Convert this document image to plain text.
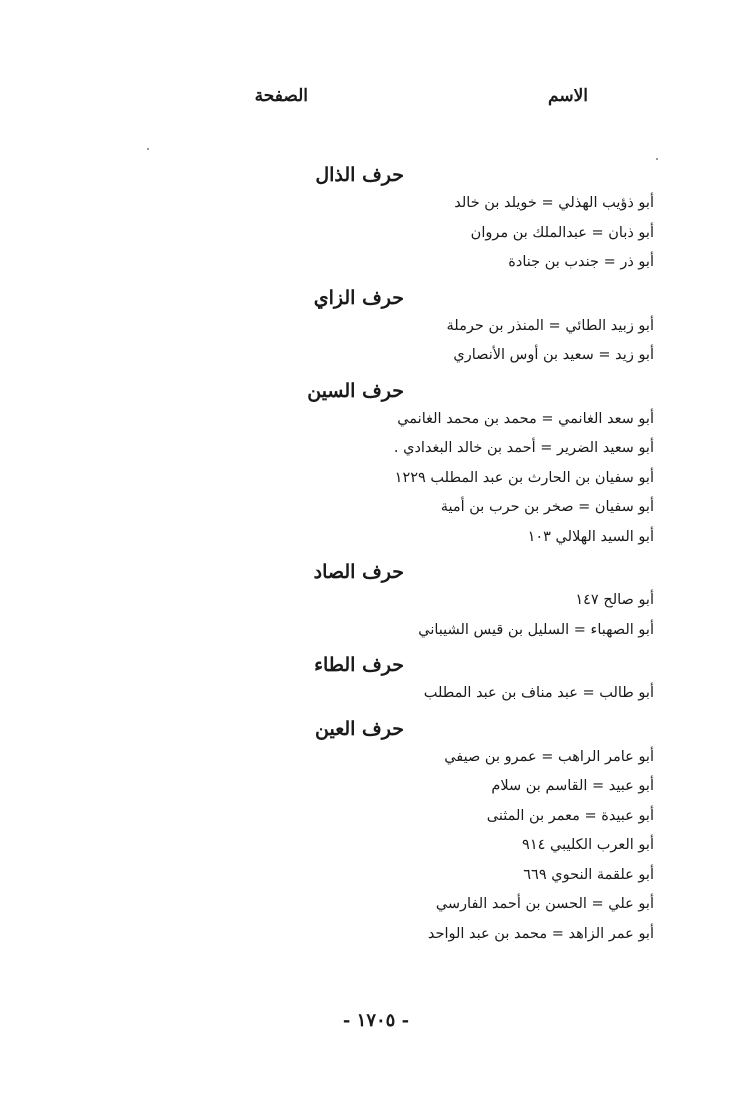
الاسم
الصفحة
حرف الذال
أبو ذؤيب الهذلي = خويلد بن خالد
أبو ذبان = عبدالملك بن مروان
أبو ذر = جندب بن جنادة
حرف الزاي
أبو زبيد الطائي = المنذر بن حرملة
أبو زيد = سعيد بن أوس الأنصاري
حرف السين
أبو سعد الغانمي = محمد بن محمد الغانمي
أبو سعيد الضرير = أحمد بن خالد البغدادي .
أبو سفيان بن الحارث بن عبد المطلب ١٢٢٩
أبو سفيان = صخر بن حرب بن أمية
أبو السيد الهلالي ١٠٣
حرف الصاد
أبو صالح ١٤٧
أبو الصهباء = السليل بن قيس الشيباني
حرف الطاء
أبو طالب = عبد مناف بن عبد المطلب
حرف العين
أبو عامر الراهب = عمرو بن صيفي
أبو عبيد = القاسم بن سلام
أبو عبيدة = معمر بن المثنى
أبو العرب الكليبي ٩١٤
أبو علقمة النحوي ٦٦٩
أبو علي = الحسن بن أحمد الفارسي
أبو عمر الزاهد = محمد بن عبد الواحد
- ١٧٠٥ -
